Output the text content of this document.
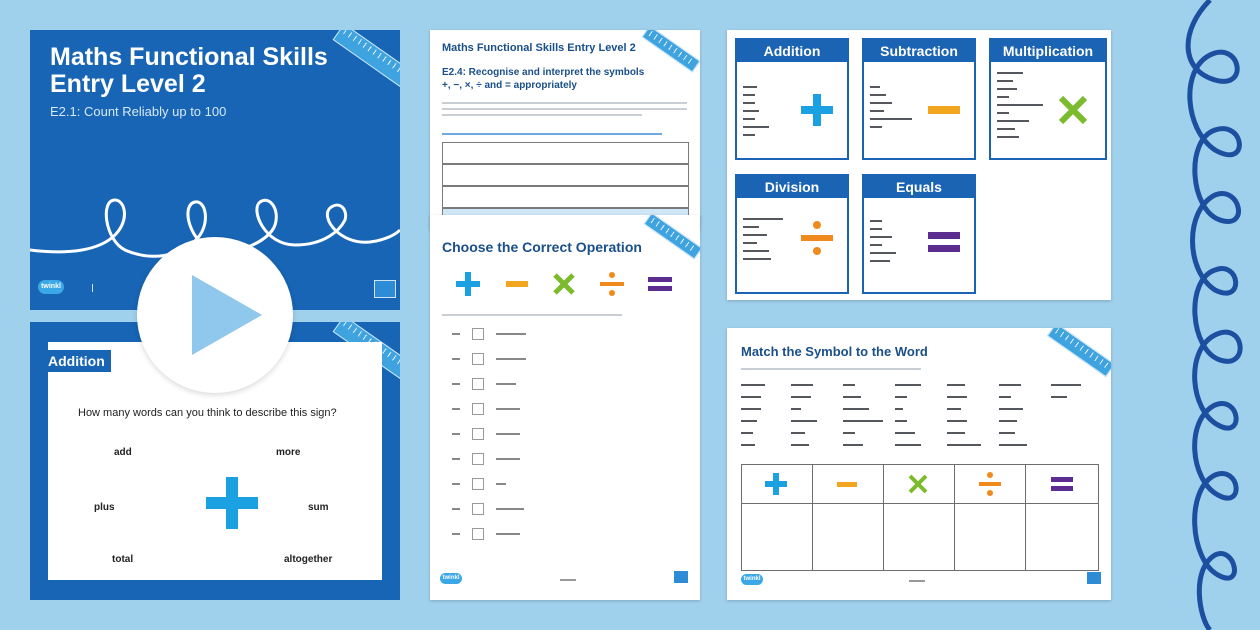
Maths Functional Skills
Entry Level 2
E2.1: Count Reliably up to 100
twinkl
How many words can you think to describe this sign?
add	more
plus	sum
total	altogether
Addition
Maths Functional Skills Entry Level 2
E2.4: Recognise and interpret the symbols +, −, ×, ÷ and = appropriately
Choose the Correct Operation
twinkl
Addition	Subtraction	Multiplication
Division	Equals
Match the Symbol to the Word
twinkl
